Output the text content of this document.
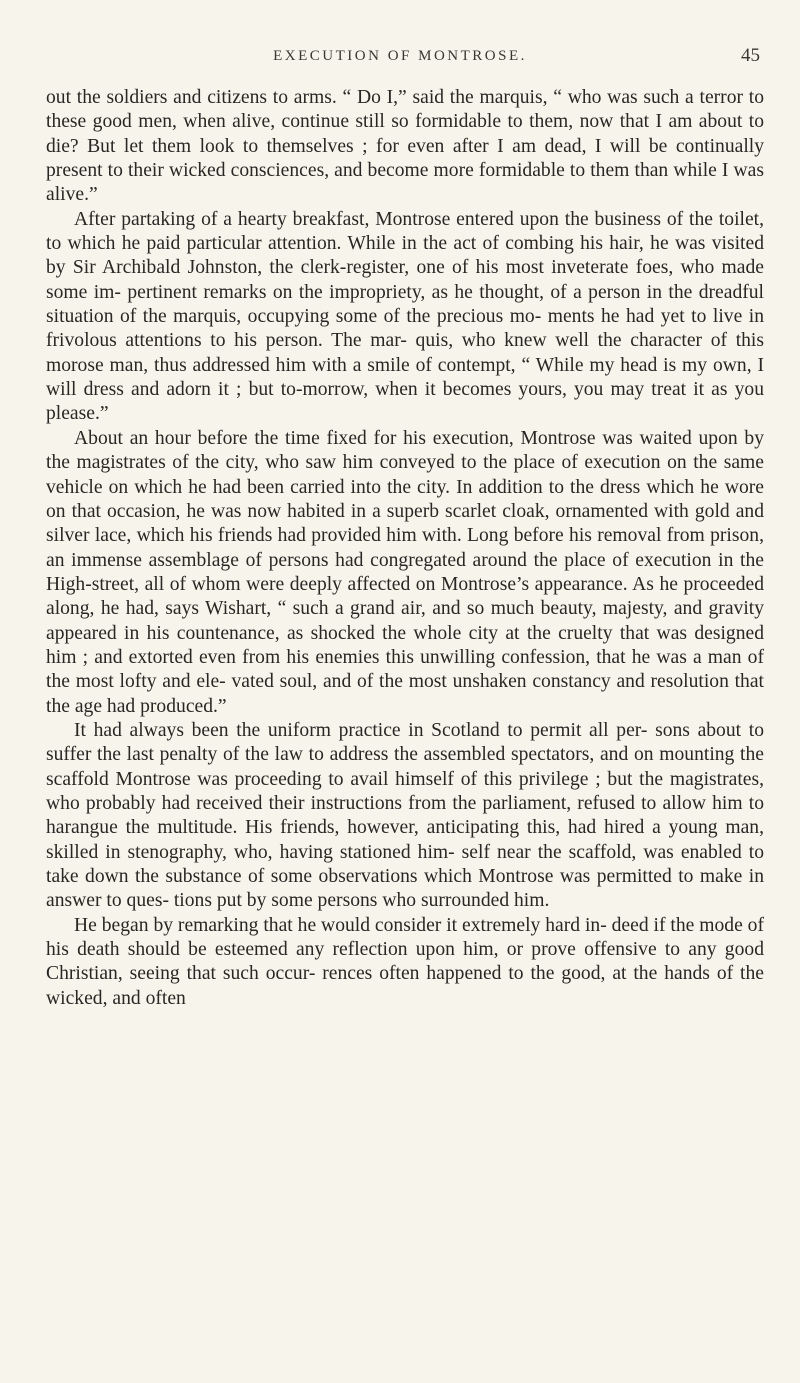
EXECUTION OF MONTROSE.	45

out the soldiers and citizens to arms. “ Do I,” said the marquis, “ who was such a terror to these good men, when alive, continue still so formidable to them, now that I am about to die? But let them look to themselves ; for even after I am dead, I will be continually present to their wicked consciences, and become more formidable to them than while I was alive.”

After partaking of a hearty breakfast, Montrose entered upon the business of the toilet, to which he paid particular attention. While in the act of combing his hair, he was visited by Sir Archibald Johnston, the clerk-register, one of his most inveterate foes, who made some im- pertinent remarks on the impropriety, as he thought, of a person in the dreadful situation of the marquis, occupying some of the precious mo- ments he had yet to live in frivolous attentions to his person. The mar- quis, who knew well the character of this morose man, thus addressed him with a smile of contempt, “ While my head is my own, I will dress and adorn it ; but to-morrow, when it becomes yours, you may treat it as you please.”

About an hour before the time fixed for his execution, Montrose was waited upon by the magistrates of the city, who saw him conveyed to the place of execution on the same vehicle on which he had been carried into the city. In addition to the dress which he wore on that occasion, he was now habited in a superb scarlet cloak, ornamented with gold and silver lace, which his friends had provided him with. Long before his removal from prison, an immense assemblage of persons had congregated around the place of execution in the High-street, all of whom were deeply affected on Montrose’s appearance. As he proceeded along, he had, says Wishart, “ such a grand air, and so much beauty, majesty, and gravity appeared in his countenance, as shocked the whole city at the cruelty that was designed him ; and extorted even from his enemies this unwilling confession, that he was a man of the most lofty and ele- vated soul, and of the most unshaken constancy and resolution that the age had produced.”

It had always been the uniform practice in Scotland to permit all per- sons about to suffer the last penalty of the law to address the assembled spectators, and on mounting the scaffold Montrose was proceeding to avail himself of this privilege ; but the magistrates, who probably had received their instructions from the parliament, refused to allow him to harangue the multitude. His friends, however, anticipating this, had hired a young man, skilled in stenography, who, having stationed him- self near the scaffold, was enabled to take down the substance of some observations which Montrose was permitted to make in answer to ques- tions put by some persons who surrounded him.

He began by remarking that he would consider it extremely hard in- deed if the mode of his death should be esteemed any reflection upon him, or prove offensive to any good Christian, seeing that such occur- rences often happened to the good, at the hands of the wicked, and often
